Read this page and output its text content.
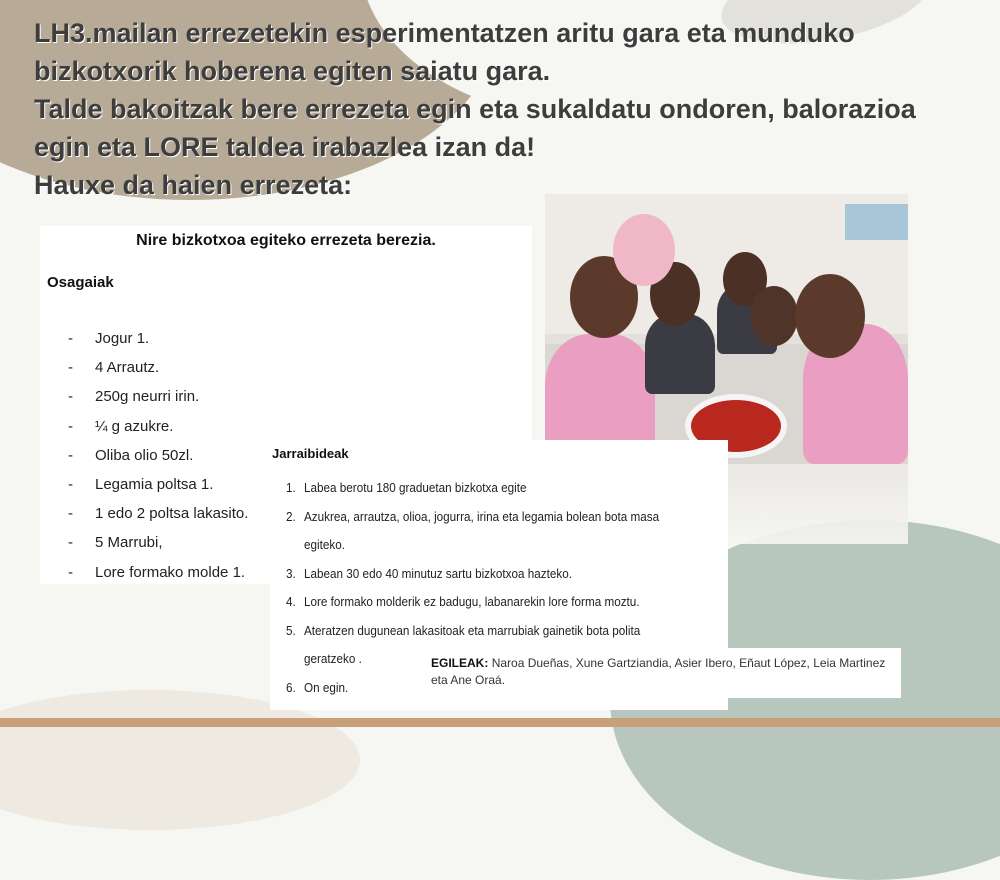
LH3.mailan errezetekin esperimentatzen aritu gara eta munduko
bizkotxorik hoberena egiten saiatu gara.
Talde bakoitzak bere errezeta egin eta sukaldatu ondoren, balorazioa
egin eta LORE taldea irabazlea izan da!
Hauxe da haien errezeta:
Nire bizkotxoa egiteko errezeta berezia.
Osagaiak
- Jogur 1.
- 4 Arrautz.
- 250g neurri irin.
- ¼ g azukre.
- Oliba olio 50zl.
- Legamia poltsa 1.
- 1 edo 2 poltsa lakasito.
- 5 Marrubi,
- Lore formako molde 1.
Jarraibideak
1. Labea berotu 180 graduetan bizkotxa egite
2. Azukrea, arrautza, olioa, jogurra, irina eta legamia bolean bota masa
egiteko.
3. Labean 30 edo 40 minutuz sartu bizkotxoa hazteko.
4. Lore formako molderik ez badugu, labanarekin lore forma moztu.
5. Ateratzen dugunean lakasitoak eta marrubiak gainetik bota polita
geratzeko .
6. On egin.
EGILEAK: Naroa Dueñas, Xune Gartziandia, Asier Ibero, Eñaut López, Leia Martinez eta Ane Oraá.
